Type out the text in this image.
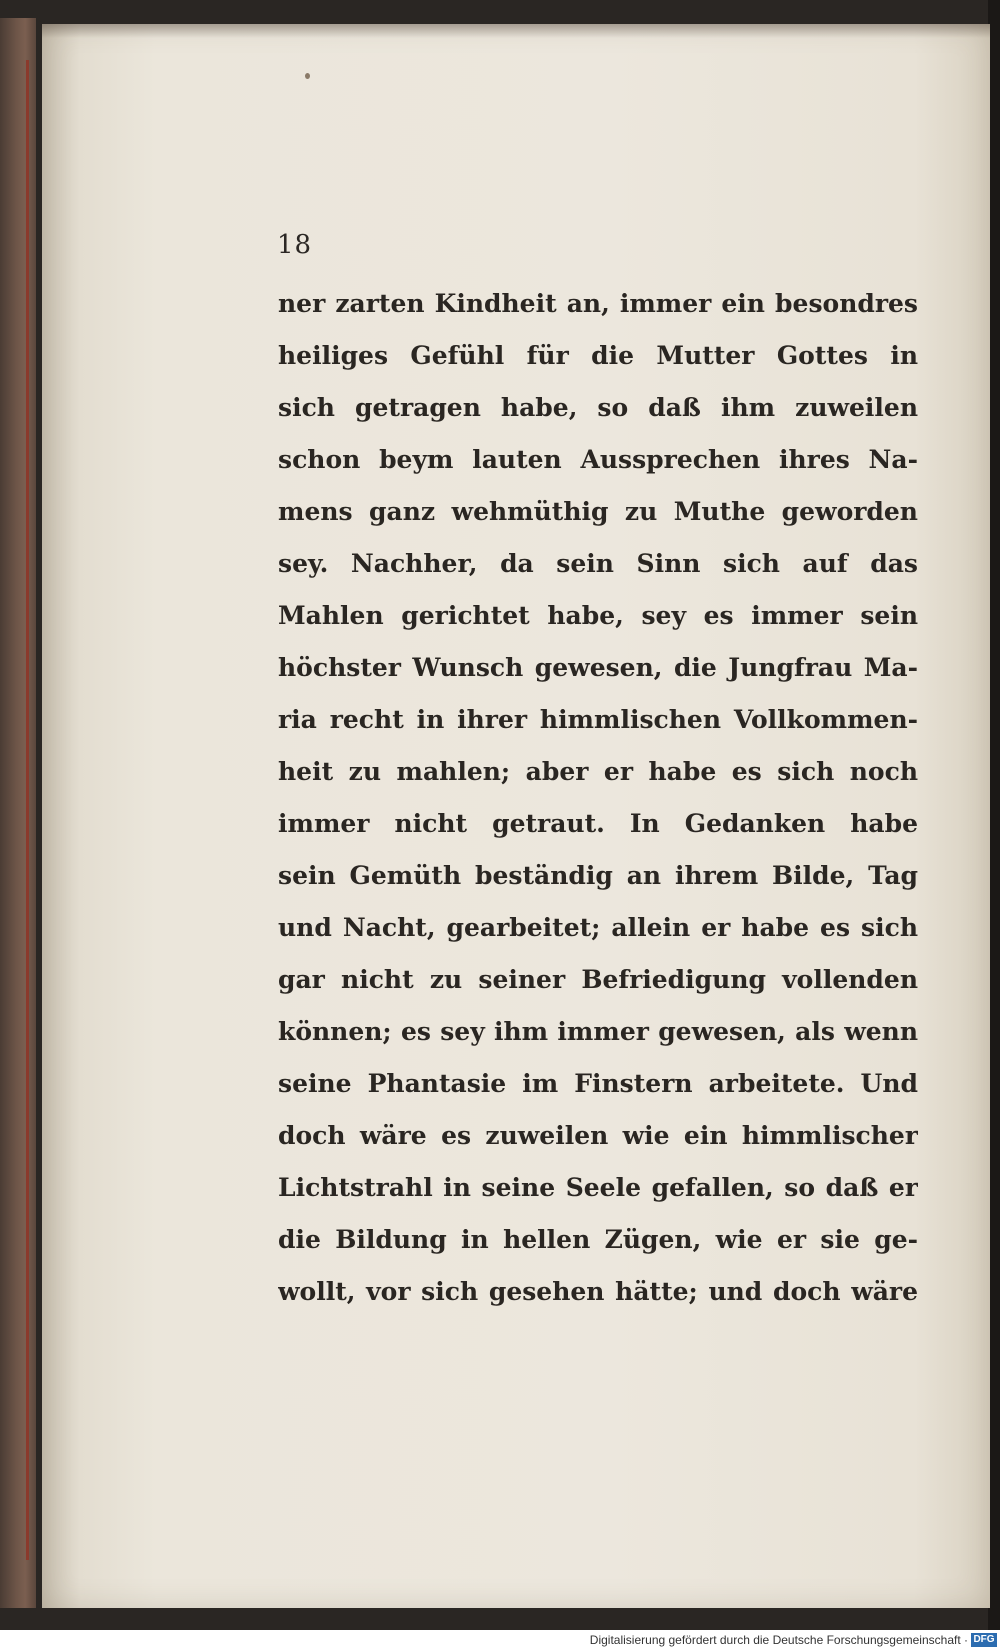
18
ner zarten Kindheit an, immer ein besondres
heiliges Gefühl für die Mutter Gottes in
sich getragen habe, so daß ihm zuweilen
schon beym lauten Aussprechen ihres Na-
mens ganz wehmüthig zu Muthe geworden
sey. Nachher, da sein Sinn sich auf das
Mahlen gerichtet habe, sey es immer sein
höchster Wunsch gewesen, die Jungfrau Ma-
ria recht in ihrer himmlischen Vollkommen-
heit zu mahlen; aber er habe es sich noch
immer nicht getraut. In Gedanken habe
sein Gemüth beständig an ihrem Bilde, Tag
und Nacht, gearbeitet; allein er habe es sich
gar nicht zu seiner Befriedigung vollenden
können; es sey ihm immer gewesen, als wenn
seine Phantasie im Finstern arbeitete. Und
doch wäre es zuweilen wie ein himmlischer
Lichtstrahl in seine Seele gefallen, so daß er
die Bildung in hellen Zügen, wie er sie ge-
wollt, vor sich gesehen hätte; und doch wäre
Digitalisierung gefördert durch die Deutsche Forschungsgemeinschaft · DFG
